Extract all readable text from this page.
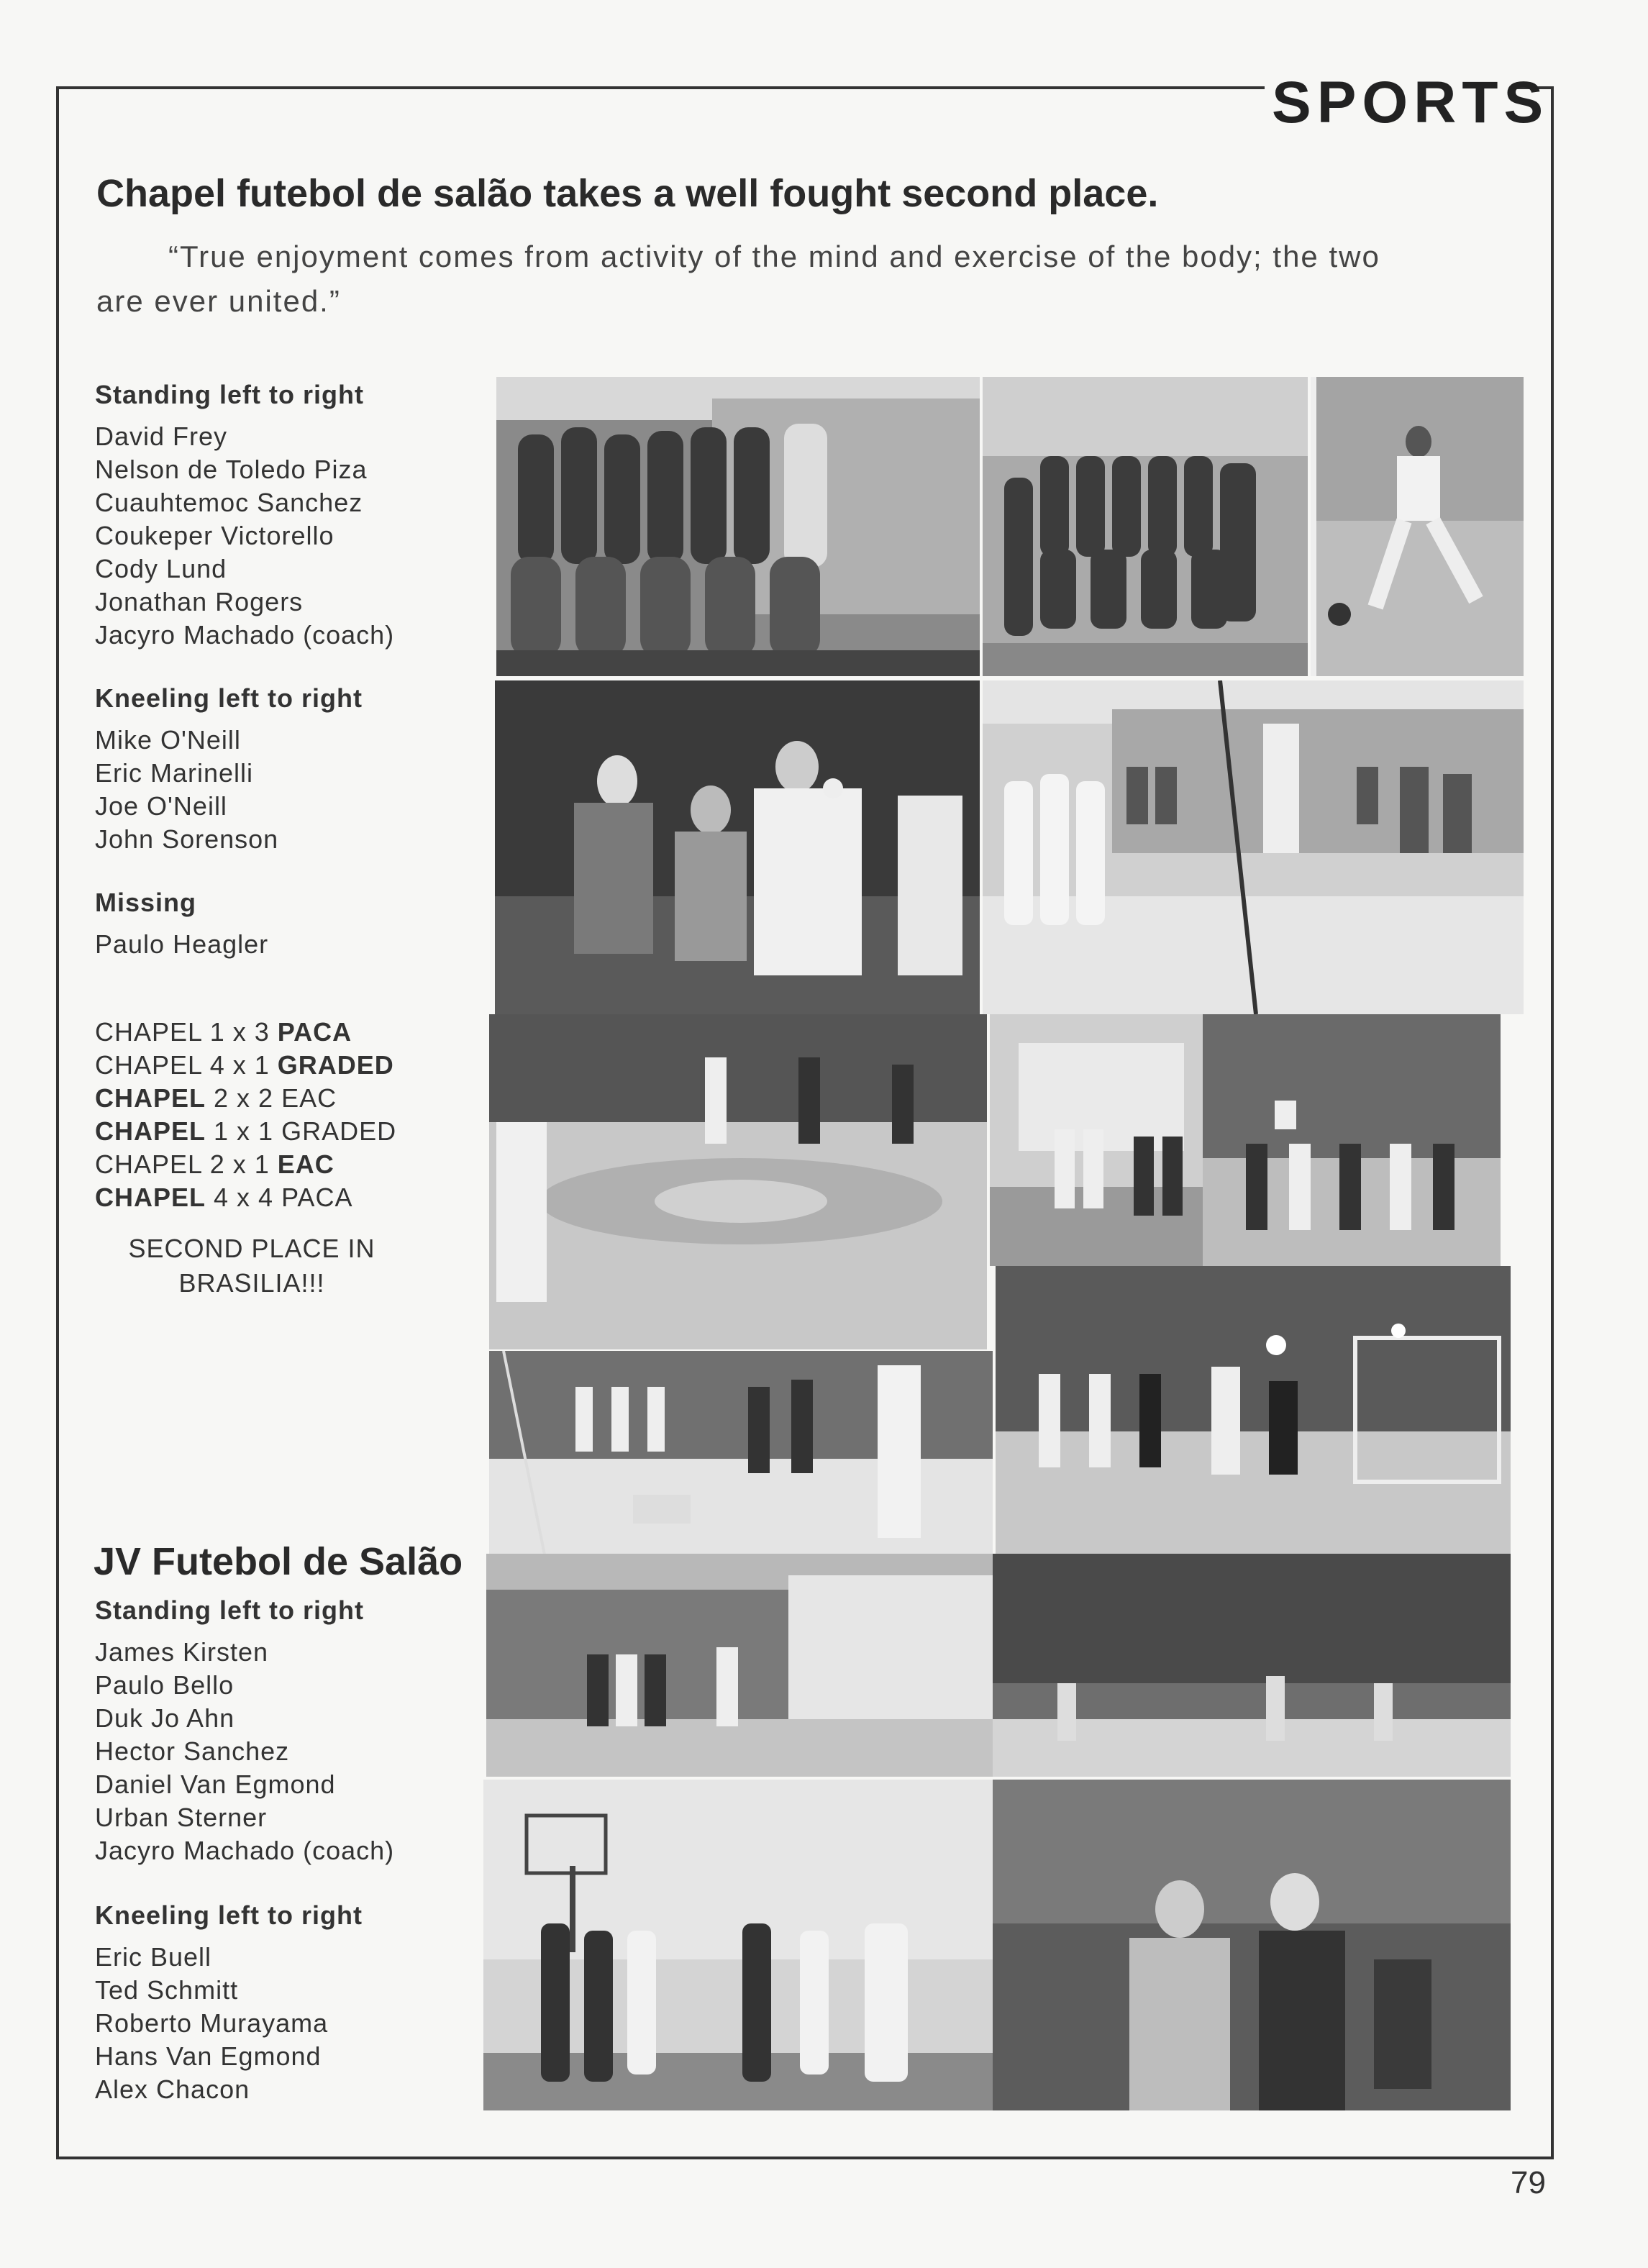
SPORTS
Chapel futebol de salão takes a well fought second place.
“True enjoyment comes from activity of the mind and exercise of the body; the two are ever united.”
Standing left to right
David Frey
Nelson de Toledo Piza
Cuauhtemoc Sanchez
Coukeper Victorello
Cody Lund
Jonathan Rogers
Jacyro Machado (coach)
Kneeling left to right
Mike O'Neill
Eric Marinelli
Joe O'Neill
John Sorenson
Missing
Paulo Heagler
CHAPEL 1 x 3 PACA
CHAPEL 4 x 1 GRADED
CHAPEL 2 x 2 EAC
CHAPEL 1 x 1 GRADED
CHAPEL 2 x 1 EAC
CHAPEL 4 x 4 PACA
SECOND PLACE IN
BRASILIA!!!
JV Futebol de Salão
Standing left to right
James Kirsten
Paulo Bello
Duk Jo Ahn
Hector Sanchez
Daniel Van Egmond
Urban Sterner
Jacyro Machado (coach)
Kneeling left to right
Eric Buell
Ted Schmitt
Roberto Murayama
Hans Van Egmond
Alex Chacon
79
